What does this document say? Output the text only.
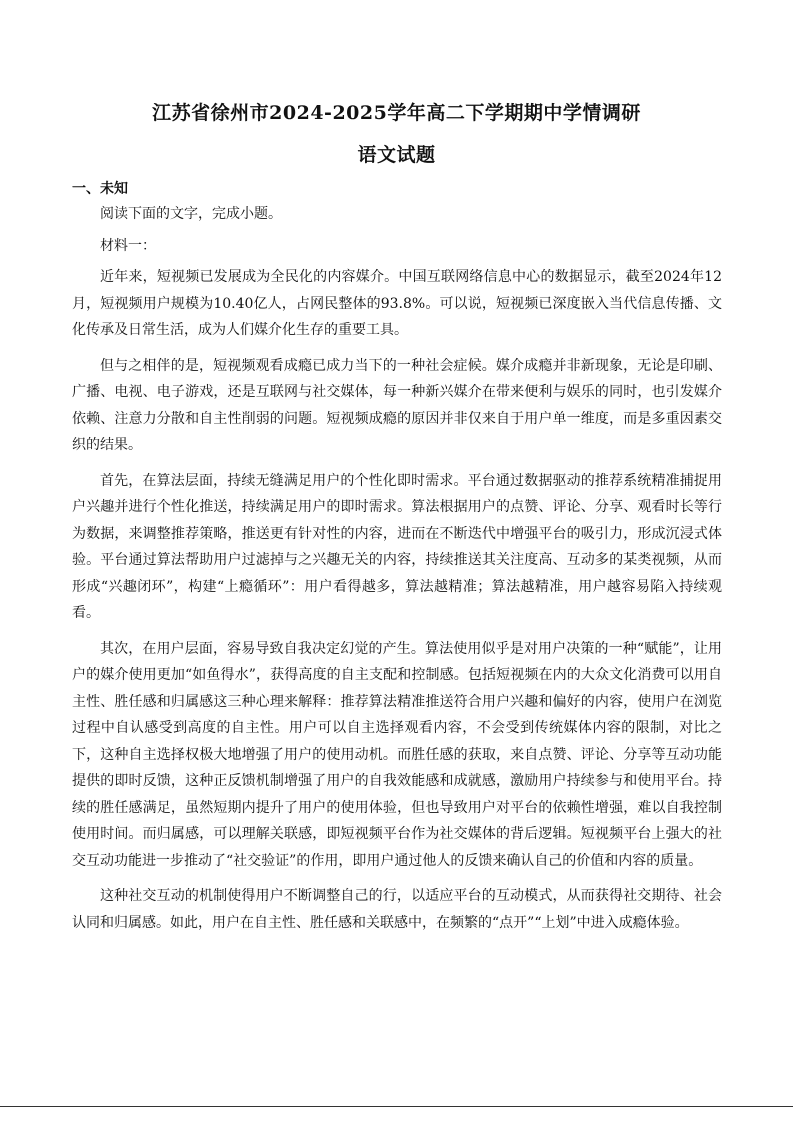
江苏省徐州市2024-2025学年高二下学期期中学情调研
语文试题
一、未知

阅读下面的文字，完成小题。

材料一：

近年来，短视频已发展成为全民化的内容媒介。中国互联网络信息中心的数据显示，截至2024年12月，短视频用户规模为10.40亿人，占网民整体的93.8%。可以说，短视频已深度嵌入当代信息传播、文化传承及日常生活，成为人们媒介化生存的重要工具。

但与之相伴的是，短视频观看成瘾已成力当下的一种社会症候。媒介成瘾并非新现象，无论是印刷、广播、电视、电子游戏，还是互联网与社交媒体，每一种新兴媒介在带来便利与娱乐的同时，也引发媒介依赖、注意力分散和自主性削弱的问题。短视频成瘾的原因并非仅来自于用户单一维度，而是多重因素交织的结果。

首先，在算法层面，持续无缝满足用户的个性化即时需求。平台通过数据驱动的推荐系统精准捕捉用户兴趣并进行个性化推送，持续满足用户的即时需求。算法根据用户的点赞、评论、分享、观看时长等行为数据，来调整推荐策略，推送更有针对性的内容，进而在不断迭代中增强平台的吸引力，形成沉浸式体验。平台通过算法帮助用户过滤掉与之兴趣无关的内容，持续推送其关注度高、互动多的某类视频，从而形成“兴趣闭环”，构建“上瘾循环”：用户看得越多，算法越精准；算法越精准，用户越容易陷入持续观看。

其次，在用户层面，容易导致自我决定幻觉的产生。算法使用似乎是对用户决策的一种“赋能”，让用户的媒介使用更加“如鱼得水”，获得高度的自主支配和控制感。包括短视频在内的大众文化消费可以用自主性、胜任感和归属感这三种心理来解释：推荐算法精准推送符合用户兴趣和偏好的内容，使用户在浏览过程中自认感受到高度的自主性。用户可以自主选择观看内容，不会受到传统媒体内容的限制，对比之下，这种自主选择权极大地增强了用户的使用动机。而胜任感的获取，来自点赞、评论、分享等互动功能提供的即时反馈，这种正反馈机制增强了用户的自我效能感和成就感，激励用户持续参与和使用平台。持续的胜任感满足，虽然短期内提升了用户的使用体验，但也导致用户对平台的依赖性增强，难以自我控制使用时间。而归属感，可以理解关联感，即短视频平台作为社交媒体的背后逻辑。短视频平台上强大的社交互动功能进一步推动了“社交验证”的作用，即用户通过他人的反馈来确认自己的价值和内容的质量。

这种社交互动的机制使得用户不断调整自己的行，以适应平台的互动模式，从而获得社交期待、社会认同和归属感。如此，用户在自主性、胜任感和关联感中，在频繁的“点开”“上划”中进入成瘾体验。
